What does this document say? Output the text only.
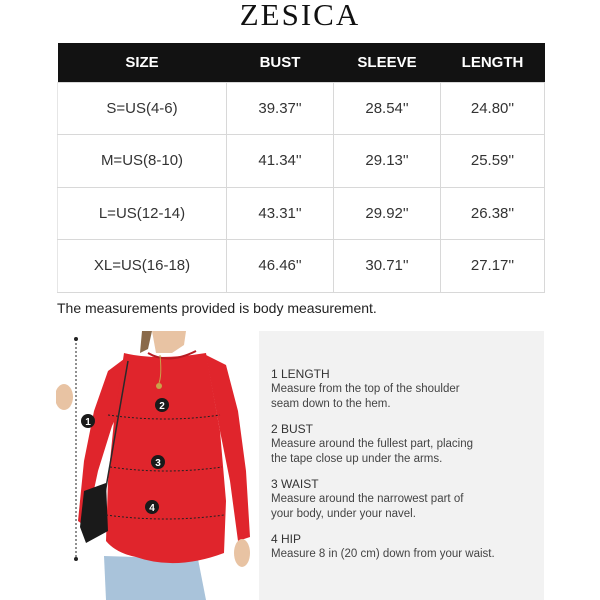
ZESICA
SIZE	BUST	SLEEVE	LENGTH
S=US(4-6)	39.37''	28.54''	24.80''
M=US(8-10)	41.34''	29.13''	25.59''
L=US(12-14)	43.31''	29.92''	26.38''
XL=US(16-18)	46.46''	30.71''	27.17''
The measurements provided is body measurement.
1
2
3
4
1 LENGTH
Measure from the top of the shoulder
seam down to the hem.
2 BUST
Measure around the fullest part, placing
the tape close up under the arms.
3 WAIST
Measure around the narrowest part of
your body, under your navel.
4 HIP
Measure 8 in (20 cm) down from your waist.
